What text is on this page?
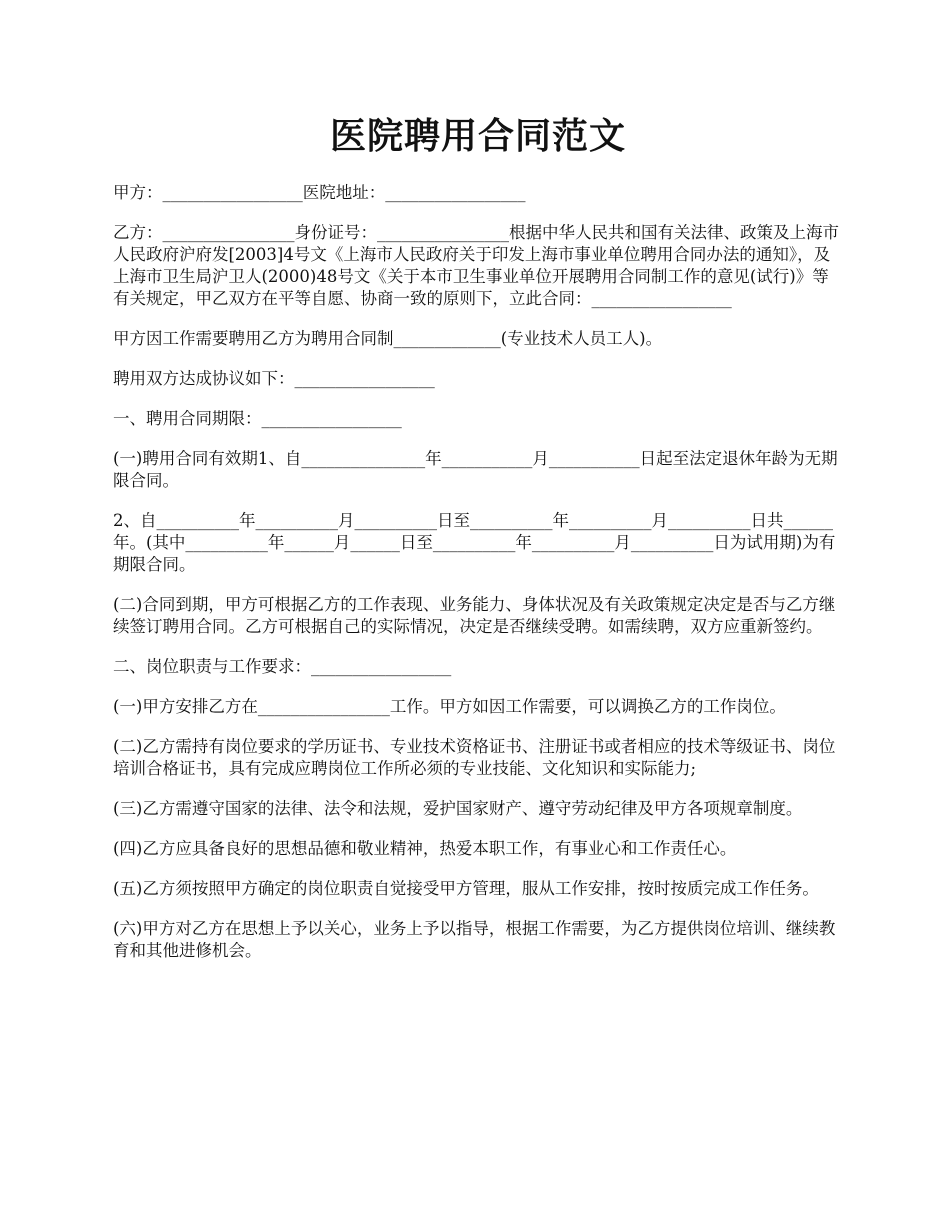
医院聘用合同范文

甲方：_________________医院地址：_________________

乙方：________________身份证号：________________根据中华人民共和国有关法律、政策及上海市人民政府沪府发[2003]4号文《上海市人民政府关于印发上海市事业单位聘用合同办法的通知》，及上海市卫生局沪卫人(2000)48号文《关于本市卫生事业单位开展聘用合同制工作的意见(试行)》等有关规定，甲乙双方在平等自愿、协商一致的原则下，立此合同：_________________

甲方因工作需要聘用乙方为聘用合同制_____________(专业技术人员工人)。

聘用双方达成协议如下：_________________

一、聘用合同期限：_________________

(一)聘用合同有效期1、自_______________年___________月___________日起至法定退休年龄为无期限合同。

2、自__________年__________月__________日至__________年__________月__________日共______年。(其中__________年______月______日至__________年__________月__________日为试用期)为有期限合同。

(二)合同到期，甲方可根据乙方的工作表现、业务能力、身体状况及有关政策规定决定是否与乙方继续签订聘用合同。乙方可根据自己的实际情况，决定是否继续受聘。如需续聘，双方应重新签约。

二、岗位职责与工作要求：_________________

(一)甲方安排乙方在________________工作。甲方如因工作需要，可以调换乙方的工作岗位。

(二)乙方需持有岗位要求的学历证书、专业技术资格证书、注册证书或者相应的技术等级证书、岗位培训合格证书，具有完成应聘岗位工作所必须的专业技能、文化知识和实际能力;

(三)乙方需遵守国家的法律、法令和法规，爱护国家财产、遵守劳动纪律及甲方各项规章制度。

(四)乙方应具备良好的思想品德和敬业精神，热爱本职工作，有事业心和工作责任心。

(五)乙方须按照甲方确定的岗位职责自觉接受甲方管理，服从工作安排，按时按质完成工作任务。

(六)甲方对乙方在思想上予以关心，业务上予以指导，根据工作需要，为乙方提供岗位培训、继续教育和其他进修机会。
